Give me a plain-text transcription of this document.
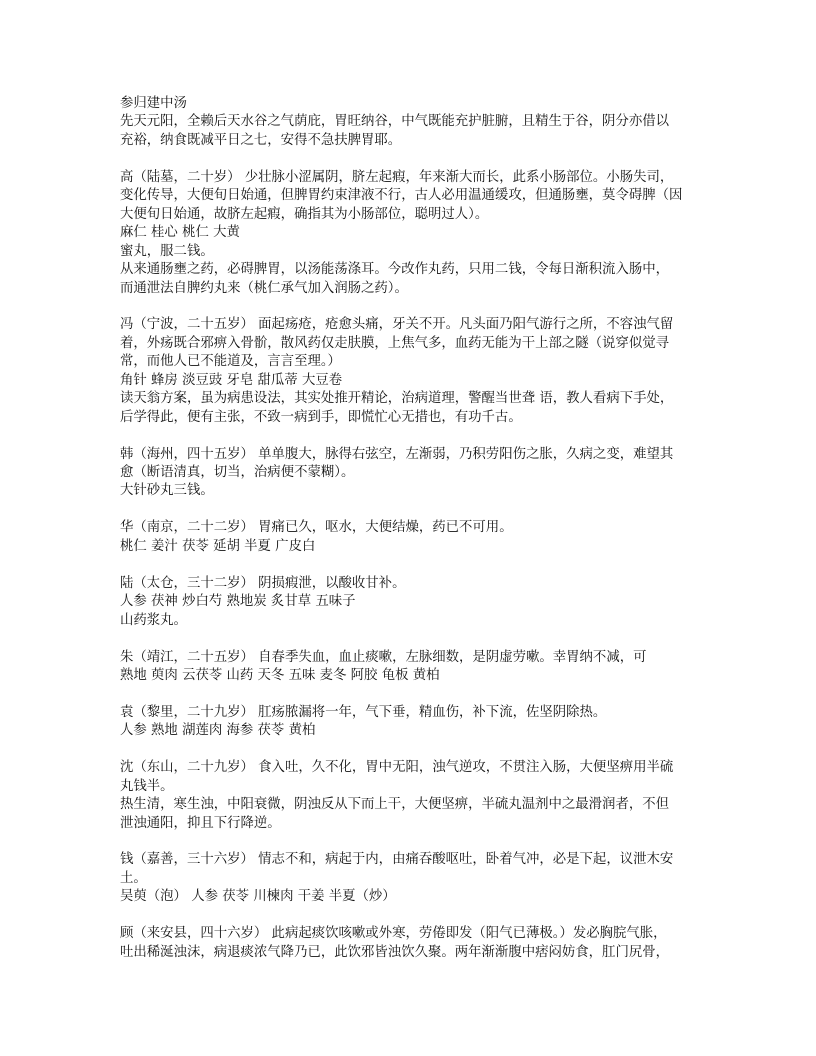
参归建中汤
先天元阳，全赖后天水谷之气荫庇，胃旺纳谷，中气既能充护脏腑，且精生于谷，阴分亦借以
充裕，纳食既减平日之七，安得不急扶脾胃耶。
高（陆墓，二十岁） 少壮脉小涩属阴，脐左起瘕，年来渐大而长，此系小肠部位。小肠失司，
变化传导，大便旬日始通，但脾胃约束津液不行，古人必用温通缓攻，但通肠壅，莫令碍脾（因
大便旬日始通，故脐左起瘕，确指其为小肠部位，聪明过人）。
麻仁 桂心 桃仁 大黄
蜜丸，服二钱。
从来通肠壅之药，必碍脾胃，以汤能荡涤耳。今改作丸药，只用二钱，令每日渐积流入肠中，
而通泄法自脾约丸来（桃仁承气加入润肠之药）。
冯（宁波，二十五岁） 面起疡疮，疮愈头痛，牙关不开。凡头面乃阳气游行之所，不容浊气留
着，外疡既合邪痹入骨骱，散风药仅走肤膜，上焦气多，血药无能为干上部之隧（说穿似觉寻
常，而他人已不能道及，言言至理。）
角针 蜂房 淡豆豉 牙皂 甜瓜蒂 大豆卷
读天翁方案，虽为病患设法，其实处推开精论，治病道理，警醒当世聋 语，教人看病下手处，
后学得此，便有主张，不致一病到手，即慌忙心无措也，有功千古。
韩（海州，四十五岁） 单单腹大，脉得右弦空，左渐弱，乃积劳阳伤之胀，久病之变，难望其
愈（断语清真，切当，治病便不蒙糊）。
大针砂丸三钱。
华（南京，二十二岁） 胃痛已久，呕水，大便结燥，药已不可用。
桃仁 姜汁 茯苓 延胡 半夏 广皮白
陆（太仓，三十二岁） 阴损瘕泄，以酸收甘补。
人参 茯神 炒白芍 熟地炭 炙甘草 五味子
山药浆丸。
朱（靖江，二十五岁） 自春季失血，血止痰嗽，左脉细数，是阴虚劳嗽。幸胃纳不减，可
熟地 萸肉 云茯苓 山药 天冬 五味 麦冬 阿胶 龟板 黄柏
袁（黎里，二十九岁） 肛疡脓漏将一年，气下垂，精血伤，补下流，佐坚阴除热。
人参 熟地 湖莲肉 海参 茯苓 黄柏
沈（东山，二十九岁） 食入吐，久不化，胃中无阳，浊气逆攻，不贯注入肠，大便坚痹用半硫
丸钱半。
热生清，寒生浊，中阳衰微，阴浊反从下而上干，大便坚痹，半硫丸温剂中之最滑润者，不但
泄浊通阳，抑且下行降逆。
钱（嘉善，三十六岁） 情志不和，病起于内，由痛吞酸呕吐，卧着气冲，必是下起，议泄木安
土。
吴萸（泡） 人参 茯苓 川楝肉 干姜 半夏（炒）
顾（来安县，四十六岁） 此病起痰饮咳嗽或外寒，劳倦即发（阳气已薄极。）发必胸脘气胀，
吐出稀涎浊沫，病退痰浓气降乃已，此饮邪皆浊饮久聚。两年渐渐腹中痞闷妨食，肛门尻骨，
